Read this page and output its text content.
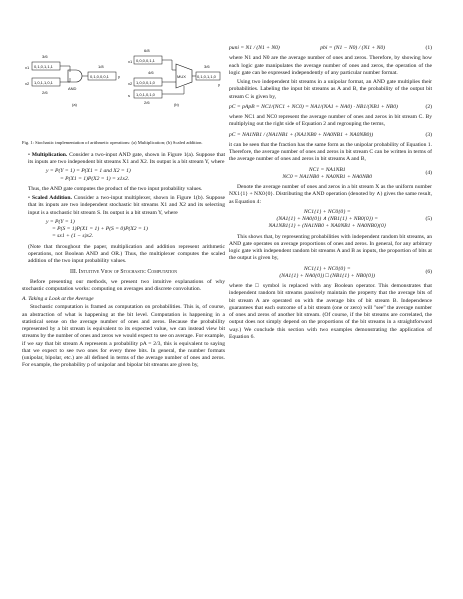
0,1,0,1,1,1
1,0,1,1,0,1
x1
x2
3/6
2/6
AND
0,1,0,0,0,1
1/8
y
(a)
0,0,0,0,1,1
1,0,0,0,1,0
1,0,1,0,1,0
x1
x2
s
6/8
4/6
2/6
MUX	0,1,0,1,1,0
3/6
y
(b)

Fig. 1: Stochastic implementation of arithmetic operations: (a) Multiplication; (b) Scaled addition.

• Multiplication. Consider a two-input AND gate, shown in Figure 1(a). Suppose that its inputs are two independent bit streams X1 and X2. Its output is a bit stream Y, where

y = P(Y = 1) = P(X1 = 1 and X2 = 1)
= P(X1 = 1)P(X2 = 1) = x1x2.

Thus, the AND gate computes the product of the two input probability values.

• Scaled Addition. Consider a two-input multiplexer, shown in Figure 1(b). Suppose that its inputs are two independent stochastic bit streams X1 and X2 and its selecting input is a stochastic bit stream S. Its output is a bit stream Y, where

y = P(Y = 1)
= P(S = 1)P(X1 = 1) + P(S = 0)P(X2 = 1)
= sx1 + (1 − s)x2.

(Note that throughout the paper, multiplication and addition represent arithmetic operations, not Boolean AND and OR.) Thus, the multiplexer computes the scaled addition of the two input probability values.

III. Intuitive View of Stochastic Computation

Before presenting our methods, we present two intuitive explanations of why stochastic computation works: computing on averages and discrete convolution.

A. Taking a Look at the Average

Stochastic computation is framed as computation on probabilities. This is, of course, an abstraction of what is happening at the bit level. Computation is happening in a statistical sense on the average number of ones and zeros. Because the probability represented by a bit stream is equivalent to its expected value, we can instead view bit streams by the number of ones and zeros we would expect to see on average. For example, if we say that bit stream A represents a probability pA = 2/3, this is equivalent to saying that we expect to see two ones for every three bits. In general, the number formats (unipolar, bipolar, etc.) are all defined in terms of the average number of ones and zeros. For example, the probability p of unipolar and bipolar bit streams are given by,

puni = N1 / (N1 + N0)	pbi = (N1 − N0) / (N1 + N0)	(1)

where N1 and N0 are the average number of ones and zeros. Therefore, by showing how each logic gate manipulates the average number of ones and zeros, the operation of the logic gate can be expressed independently of any particular number format.

Using two independent bit streams in a unipolar format, an AND gate multiplies their probabilities. Labeling the input bit streams as A and B, the probability of the output bit stream C is given by,

pC = pApB = NC1/(NC1 + NC0) = NA1/(NA1 + NA0) · NB1/(NB1 + NB0)	(2)

where NC1 and NC0 represent the average number of ones and zeros in bit stream C. By multiplying out the right side of Equation 2 and regrouping the terms,

pC = NA1NB1 / (NA1NB1 + (NA1NB0 + NA0NB1 + NA0NB0))	(3)

it can be seen that the fraction has the same form as the unipolar probability of Equation 1. Therefore, the average number of ones and zeros in bit stream C can be written in terms of the average number of ones and zeros in bit streams A and B,

NC1 = NA1NB1
NC0 = NA1NB0 + NA0NB1 + NA0NB0
(4)

Denote the average number of ones and zeros in a bit stream X as the uniform number NX1{1} + NX0{0}. Distributing the AND operation (denoted by ∧) gives the same result, as Equation 4:

NC1{1} + NC0{0} =
(NA1{1} + NA0{0}) ∧ (NB1{1} + NB0{0}) =
NA1NB1{1} + (NA1NB0 + NA0NB1 + NA0NB0){0}
(5)

This shows that, by representing probabilities with independent random bit streams, an AND gate operates on average proportions of ones and zeros. In general, for any arbitrary logic gate with independent random bit streams A and B as inputs, the proportion of bits at the output is given by,

NC1{1} + NC0{0} =
(NA1{1} + NA0{0}) □ (NB1{1} + NB0{0})
(6)

where the □ symbol is replaced with any Boolean operator. This demonstrates that independent random bit streams passively maintain the property that the average bits of bit stream A are operated on with the average bits of bit stream B. Independence guarantees that each outcome of a bit stream (one or zero) will "see" the average number of ones and zeros of another bit stream. (Of course, if the bit streams are correlated, the output does not simply depend on the proportions of the bit streams in a straightforward way.) We conclude this section with two examples demonstrating the application of Equation 6.
